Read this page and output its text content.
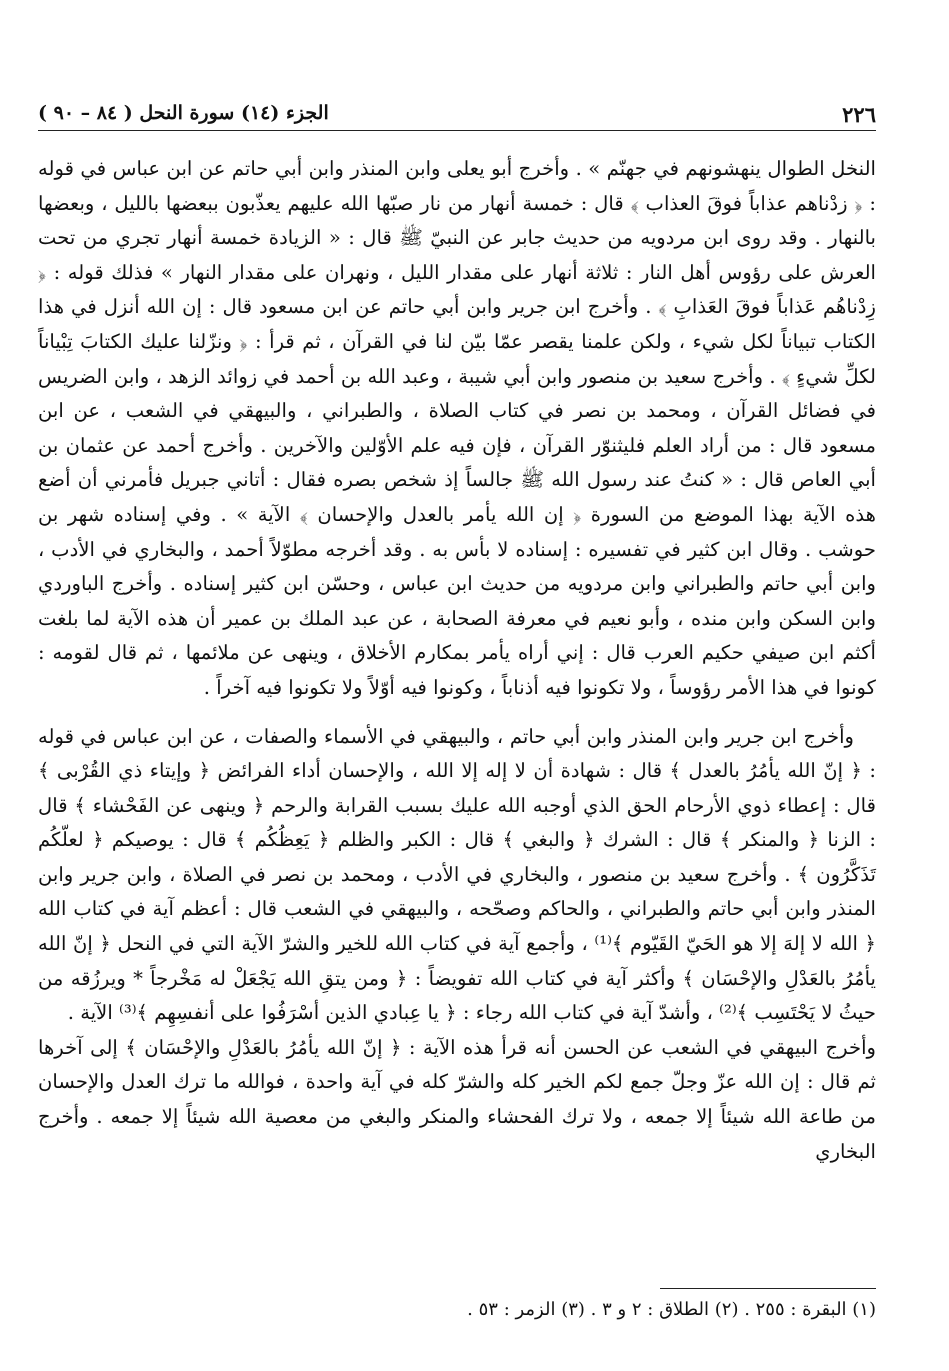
٢٢٦
الجزء (١٤) سورة النحل ( ٨٤ – ٩٠ )

النخل الطوال ينهشونهم في جهنّم » . وأخرج أبو يعلى وابن المنذر وابن أبي حاتم عن ابن عباس في قوله : ﴿ زدْناهم عذاباً فوقَ العذاب ﴾ قال : خمسة أنهار من نار صبّها الله عليهم يعذّبون ببعضها بالليل ، وبعضها بالنهار . وقد روى ابن مردويه من حديث جابر عن النبيّ ﷺ قال : « الزيادة خمسة أنهار تجري من تحت العرش على رؤوس أهل النار : ثلاثة أنهار على مقدار الليل ، ونهران على مقدار النهار » فذلك قوله : ﴿ زِدْناهُم عَذاباً فوقَ العَذابِ ﴾ . وأخرج ابن جرير وابن أبي حاتم عن ابن مسعود قال : إن الله أنزل في هذا الكتاب تبياناً لكل شيء ، ولكن علمنا يقصر عمّا بيّن لنا في القرآن ، ثم قرأ : ﴿ ونزّلنا عليك الكتابَ تِبْياناً لكلِّ شيءٍ ﴾ . وأخرج سعيد بن منصور وابن أبي شيبة ، وعبد الله بن أحمد في زوائد الزهد ، وابن الضريس في فضائل القرآن ، ومحمد بن نصر في كتاب الصلاة ، والطبراني ، والبيهقي في الشعب ، عن ابن مسعود قال : من أراد العلم فليثنوّر القرآن ، فإن فيه علم الأوّلين والآخرين . وأخرج أحمد عن عثمان بن أبي العاص قال : « كنتُ عند رسول الله ﷺ جالساً إذ شخص بصره فقال : أتاني جبريل فأمرني أن أضع هذه الآية بهذا الموضع من السورة ﴿ إن الله يأمر بالعدل والإحسان ﴾ الآية » . وفي إسناده شهر بن حوشب . وقال ابن كثير في تفسيره : إسناده لا بأس به . وقد أخرجه مطوّلاً أحمد ، والبخاري في الأدب ، وابن أبي حاتم والطبراني وابن مردويه من حديث ابن عباس ، وحسّن ابن كثير إسناده . وأخرج الباوردي وابن السكن وابن منده ، وأبو نعيم في معرفة الصحابة ، عن عبد الملك بن عمير أن هذه الآية لما بلغت أكثم ابن صيفي حكيم العرب قال : إني أراه يأمر بمكارم الأخلاق ، وينهى عن ملائمها ، ثم قال لقومه : كونوا في هذا الأمر رؤوساً ، ولا تكونوا فيه أذناباً ، وكونوا فيه أوّلاً ولا تكونوا فيه آخراً .

وأخرج ابن جرير وابن المنذر وابن أبي حاتم ، والبيهقي في الأسماء والصفات ، عن ابن عباس في قوله : ﴿ إنّ الله يأمُرُ بالعدل ﴾ قال : شهادة أن لا إله إلا الله ، والإحسان أداء الفرائض ﴿ وإيتاء ذي القُرْبى ﴾ قال : إعطاء ذوي الأرحام الحق الذي أوجبه الله عليك بسبب القرابة والرحم ﴿ وينهى عن الفَحْشاء ﴾ قال : الزنا ﴿ والمنكر ﴾ قال : الشرك ﴿ والبغي ﴾ قال : الكبر والظلم ﴿ يَعِظُكُم ﴾ قال : يوصيكم ﴿ لعلّكُم تَذَكَّرُون ﴾ . وأخرج سعيد بن منصور ، والبخاري في الأدب ، ومحمد بن نصر في الصلاة ، وابن جرير وابن المنذر وابن أبي حاتم والطبراني ، والحاكم وصحّحه ، والبيهقي في الشعب قال : أعظم آية في كتاب الله ﴿ الله لا إلهَ إلا هو الحَيّ القَيّوم ﴾⁽¹⁾ ، وأجمع آية في كتاب الله للخير والشرّ الآية التي في النحل ﴿ إنّ الله يأمُرُ بالعَدْلِ والإحْسَان ﴾ وأكثر آية في كتاب الله تفويضاً : ﴿ ومن يتقِ الله يَجْعَلْ له مَخْرجاً * ويرزُقه من حيثُ لا يَحْتَسِب ﴾⁽²⁾ ، وأشدّ آية في كتاب الله رجاء : ﴿ يا عِبادي الذين أسْرَفُوا على أنفسِهِم ﴾⁽³⁾ الآية .

وأخرج البيهقي في الشعب عن الحسن أنه قرأ هذه الآية : ﴿ إنّ الله يأمُرُ بالعَدْلِ والإحْسَان ﴾ إلى آخرها ثم قال : إن الله عزّ وجلّ جمع لكم الخير كله والشرّ كله في آية واحدة ، فوالله ما ترك العدل والإحسان من طاعة الله شيئاً إلا جمعه ، ولا ترك الفحشاء والمنكر والبغي من معصية الله شيئاً إلا جمعه . وأخرج البخاري

(١) البقرة : ٢٥٥ . (٢) الطلاق : ٢ و ٣ . (٣) الزمر : ٥٣ .
